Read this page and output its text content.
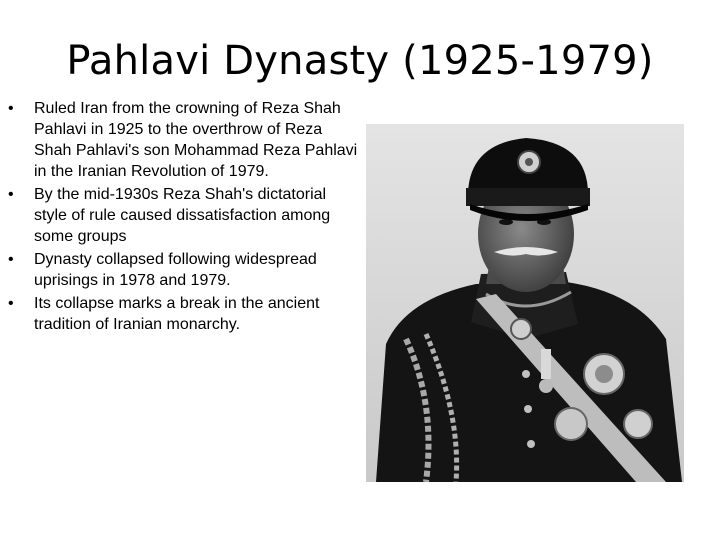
Pahlavi Dynasty (1925-1979)
• Ruled Iran from the crowning of Reza Shah Pahlavi in 1925 to the overthrow of Reza Shah Pahlavi's son Mohammad Reza Pahlavi in the Iranian Revolution of 1979.
• By the mid-1930s Reza Shah's dictatorial style of rule caused dissatisfaction among some groups
• Dynasty collapsed following widespread uprisings in 1978 and 1979.
• Its collapse marks a break in the ancient tradition of Iranian monarchy.
